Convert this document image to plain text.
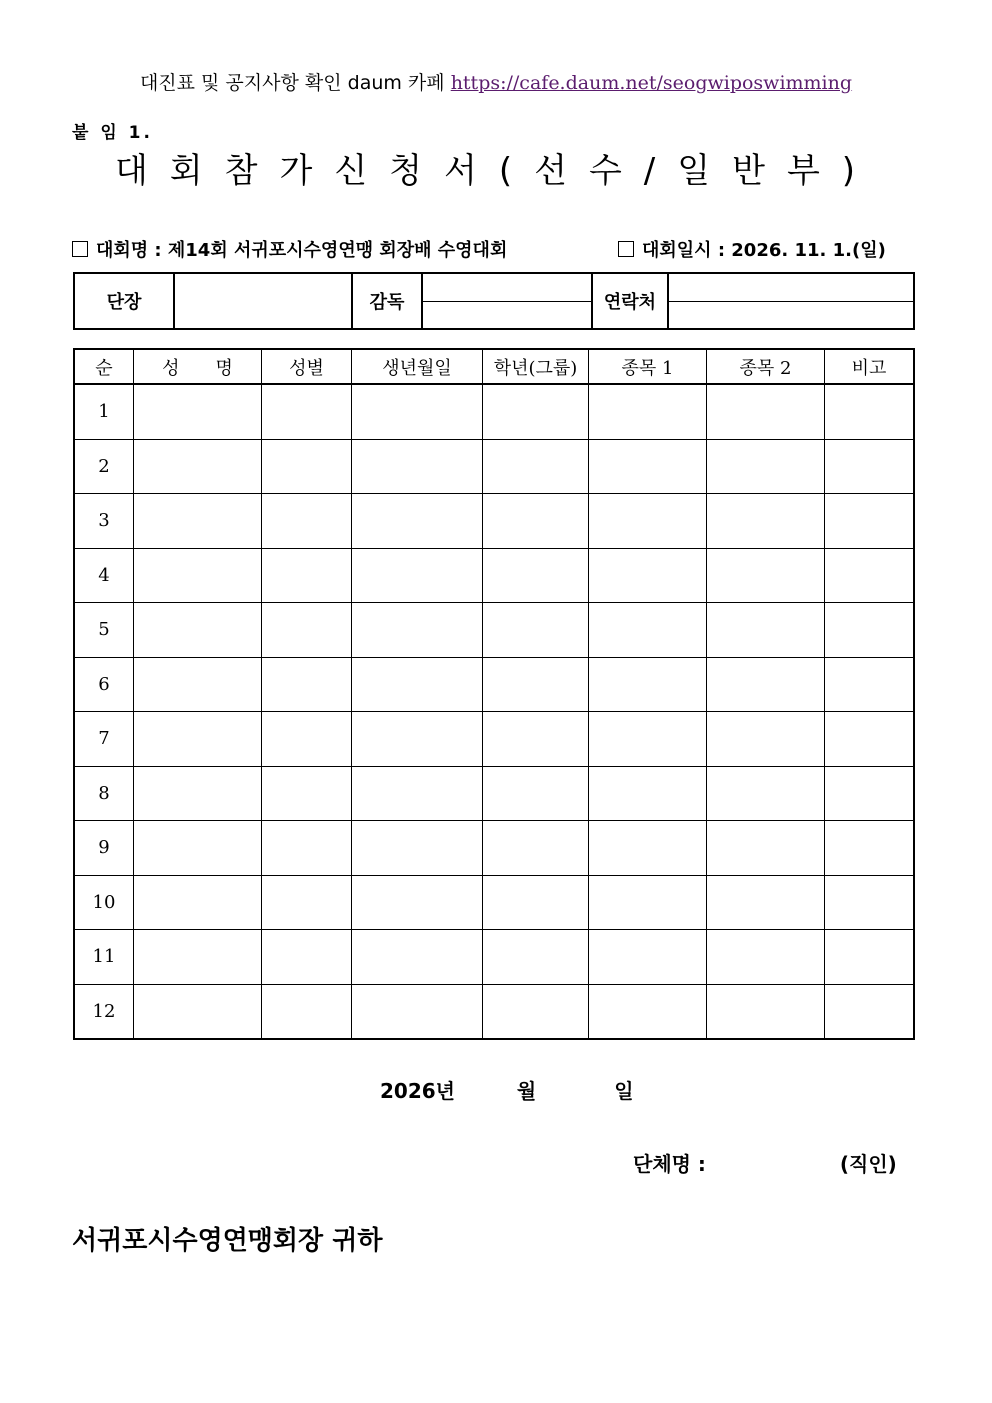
대진표 및 공지사항 확인 daum 카페 https://cafe.daum.net/seogwiposwimming
붙 임 1.
대회참가신청서(선수/일반부)
대회명 : 제14회 서귀포시수영연맹 회장배 수영대회	대회일시 : 2026. 11. 1.(일)
단장		감독		연락처	
순	성　　명	성별	생년월일	학년(그룹)	종목 1	종목 2	비고
1							
2							
3							
4							
5							
6							
7							
8							
9							
10							
11							
12							
2026년	월	일
단체명 :	(직인)
서귀포시수영연맹회장 귀하
